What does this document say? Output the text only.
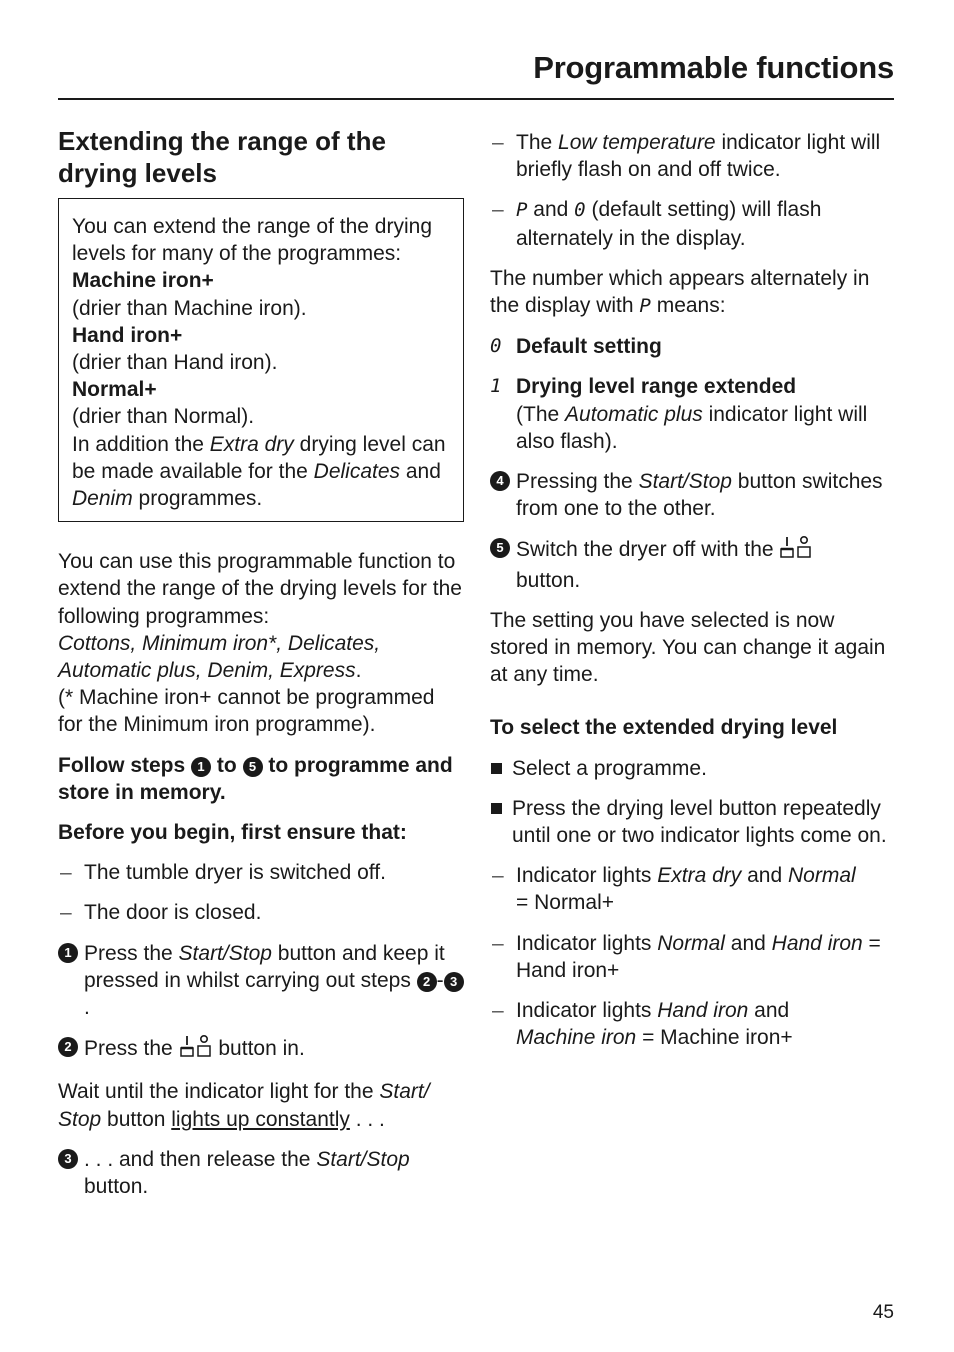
Programmable functions
Extending the range of the drying levels
You can extend the range of the drying levels for many of the programmes:
Machine iron+
(drier than Machine iron).
Hand iron+
(drier than Hand iron).
Normal+
(drier than Normal).
In addition the Extra dry drying level can be made available for the Delicates and Denim programmes.

You can use this programmable function to extend the range of the drying levels for the following programmes:
Cottons, Minimum iron*, Delicates, Automatic plus, Denim, Express.
(* Machine iron+ cannot be programmed for the Minimum iron programme).

Follow steps 1 to 5 to programme and store in memory.

Before you begin, first ensure that:

– The tumble dryer is switched off.
– The door is closed.
1 Press the Start/Stop button and keep it pressed in whilst carrying out steps 2 - 3.
2 Press the  button in.

Wait until the indicator light for the Start/ Stop button lights up constantly . . .

3 . . . and then release the Start/Stop button.
– The Low temperature indicator light will briefly flash on and off twice.
– P and 0 (default setting) will flash alternately in the display.

The number which appears alternately in the display with P means:

0 Default setting
1 Drying level range extended
(The Automatic plus indicator light will also flash).
4 Pressing the Start/Stop button switches from one to the other.
5 Switch the dryer off with the
button.

The setting you have selected is now stored in memory. You can change it again at any time.

To select the extended drying level

Select a programme.
Press the drying level button repeatedly until one or two indicator lights come on.
– Indicator lights Extra dry and Normal
= Normal+
– Indicator lights Normal and Hand iron = Hand iron+
– Indicator lights Hand iron and
Machine iron = Machine iron+

45
